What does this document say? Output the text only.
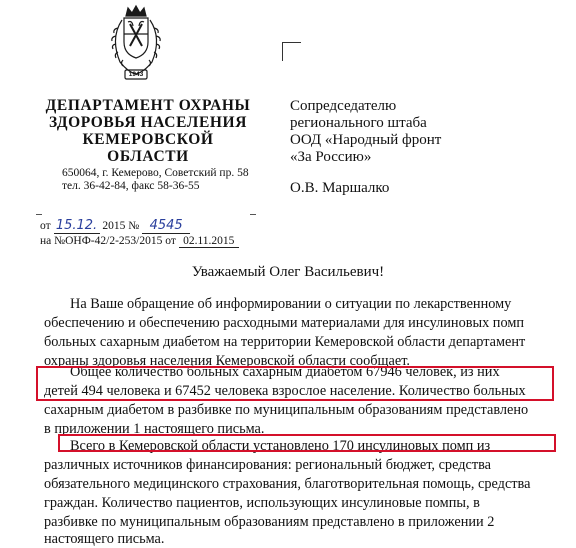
1943
ДЕПАРТАМЕНТ ОХРАНЫ
ЗДОРОВЬЯ НАСЕЛЕНИЯ
КЕМЕРОВСКОЙ
ОБЛАСТИ
650064, г. Кемерово, Советский пр. 58
тел. 36-42-84, факс 58-36-55
Сопредседателю
регионального штаба
ООД «Народный фронт
«За Россию»
О.В. Маршалко
от 15.12. 2015 № 4545
на №ОНФ-42/2-253/2015 от 02.11.2015
Уважаемый Олег Васильевич!
На Ваше обращение об информировании о ситуации по лекарственному
обеспечению и обеспечению расходными материалами для инсулиновых помп
больных сахарным диабетом на территории Кемеровской области департамент
охраны здоровья населения Кемеровской области сообщает.
Общее количество больных сахарным диабетом 67946 человек, из них
детей 494 человека и 67452 человека взрослое население. Количество больных
сахарным диабетом в разбивке по муниципальным образованиям представлено
в приложении 1 настоящего письма.
Всего в Кемеровской области установлено 170 инсулиновых помп из
различных источников финансирования: региональный бюджет, средства
обязательного медицинского страхования, благотворительная помощь, средства
граждан. Количество пациентов, использующих инсулиновые помпы, в
разбивке по муниципальным образованиям представлено в приложении 2
настоящего письма.
